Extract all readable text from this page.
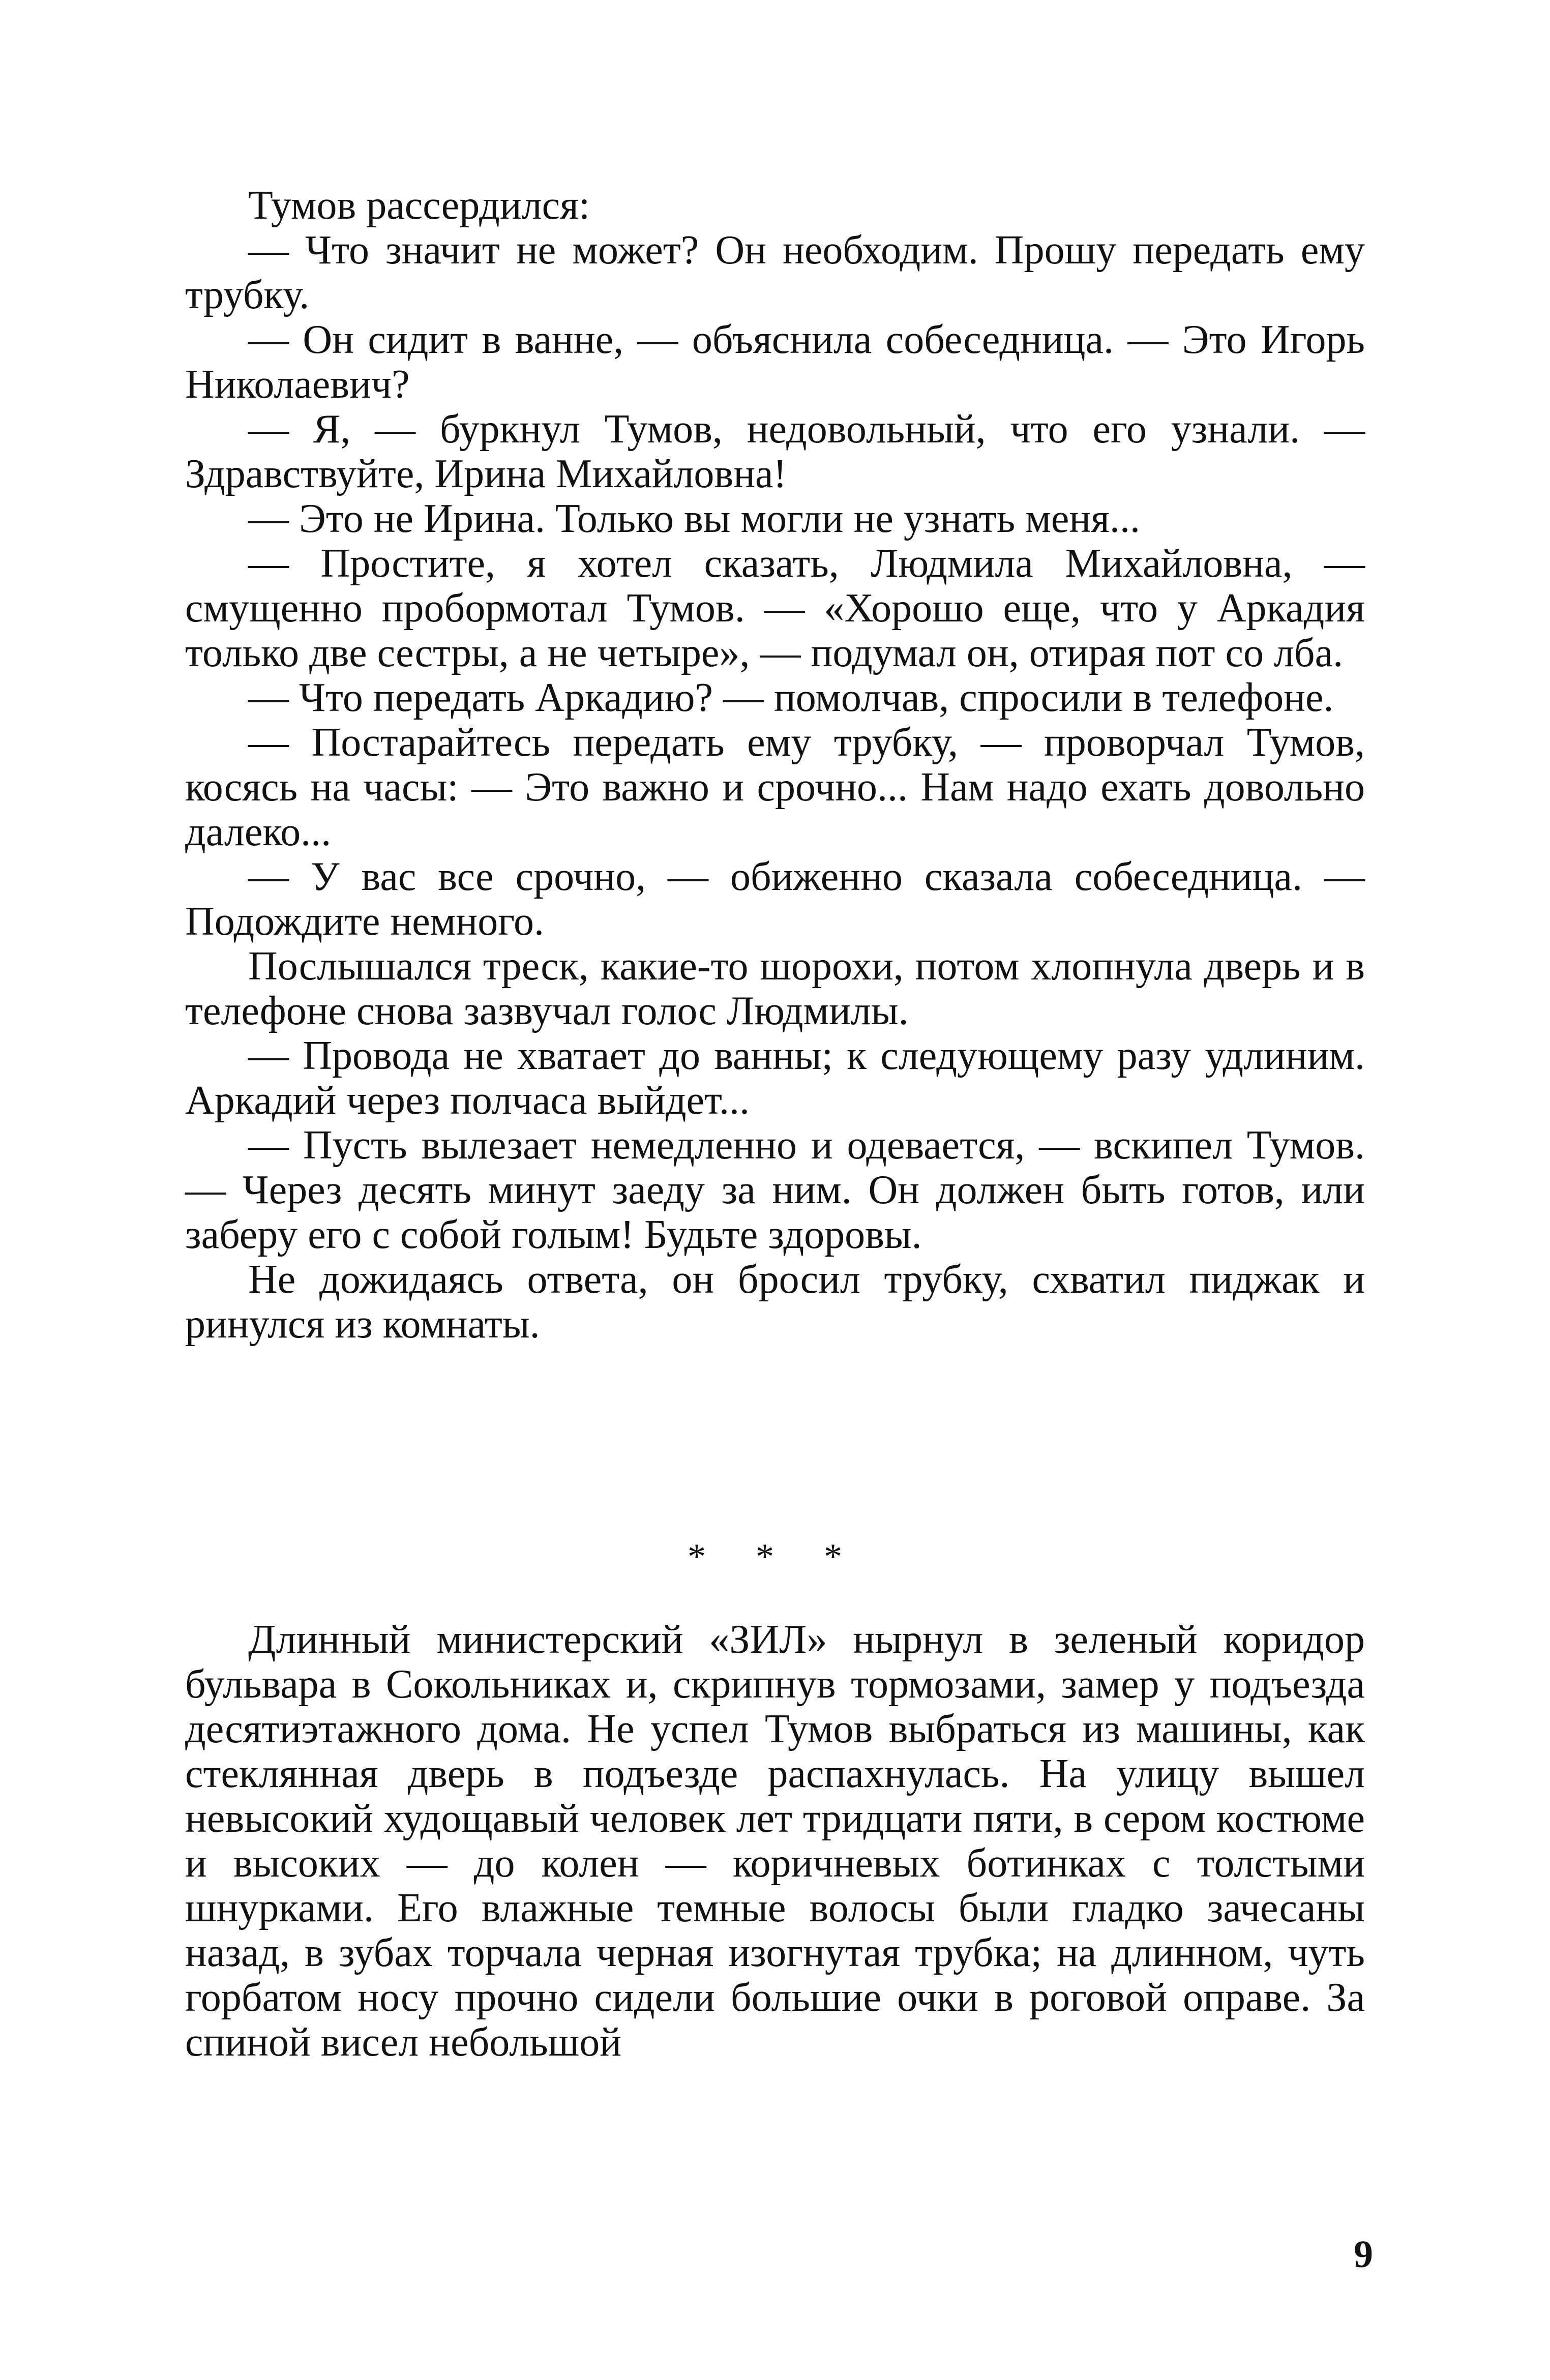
Тумов рассердился:

— Что значит не может? Он необходим. Прошу передать ему трубку.

— Он сидит в ванне, — объяснила собеседница. — Это Игорь Николаевич?

— Я, — буркнул Тумов, недовольный, что его узнали. — Здравствуйте, Ирина Михайловна!

— Это не Ирина. Только вы могли не узнать меня...

— Простите, я хотел сказать, Людмила Михайловна, — смущенно пробормотал Тумов. — «Хорошо еще, что у Аркадия только две сестры, а не четыре», — подумал он, отирая пот со лба.

— Что передать Аркадию? — помолчав, спросили в телефоне.

— Постарайтесь передать ему трубку, — проворчал Тумов, косясь на часы: — Это важно и срочно... Нам надо ехать довольно далеко...

— У вас все срочно, — обиженно сказала собеседница. — Подождите немного.

Послышался треск, какие-то шорохи, потом хлопнула дверь и в телефоне снова зазвучал голос Людмилы.

— Провода не хватает до ванны; к следующему разу удлиним. Аркадий через полчаса выйдет...

— Пусть вылезает немедленно и одевается, — вскипел Тумов. — Через десять минут заеду за ним. Он должен быть готов, или заберу его с собой голым! Будьте здоровы.

Не дожидаясь ответа, он бросил трубку, схватил пиджак и ринулся из комнаты.

* * *

Длинный министерский «ЗИЛ» нырнул в зеленый коридор бульвара в Сокольниках и, скрипнув тормозами, замер у подъезда десятиэтажного дома. Не успел Тумов выбраться из машины, как стеклянная дверь в подъезде распахнулась. На улицу вышел невысокий худощавый человек лет тридцати пяти, в сером костюме и высоких — до колен — коричневых ботинках с толстыми шнурками. Его влажные темные волосы были гладко зачесаны назад, в зубах торчала черная изогнутая трубка; на длинном, чуть горбатом носу прочно сидели большие очки в роговой оправе. За спиной висел небольшой

9
